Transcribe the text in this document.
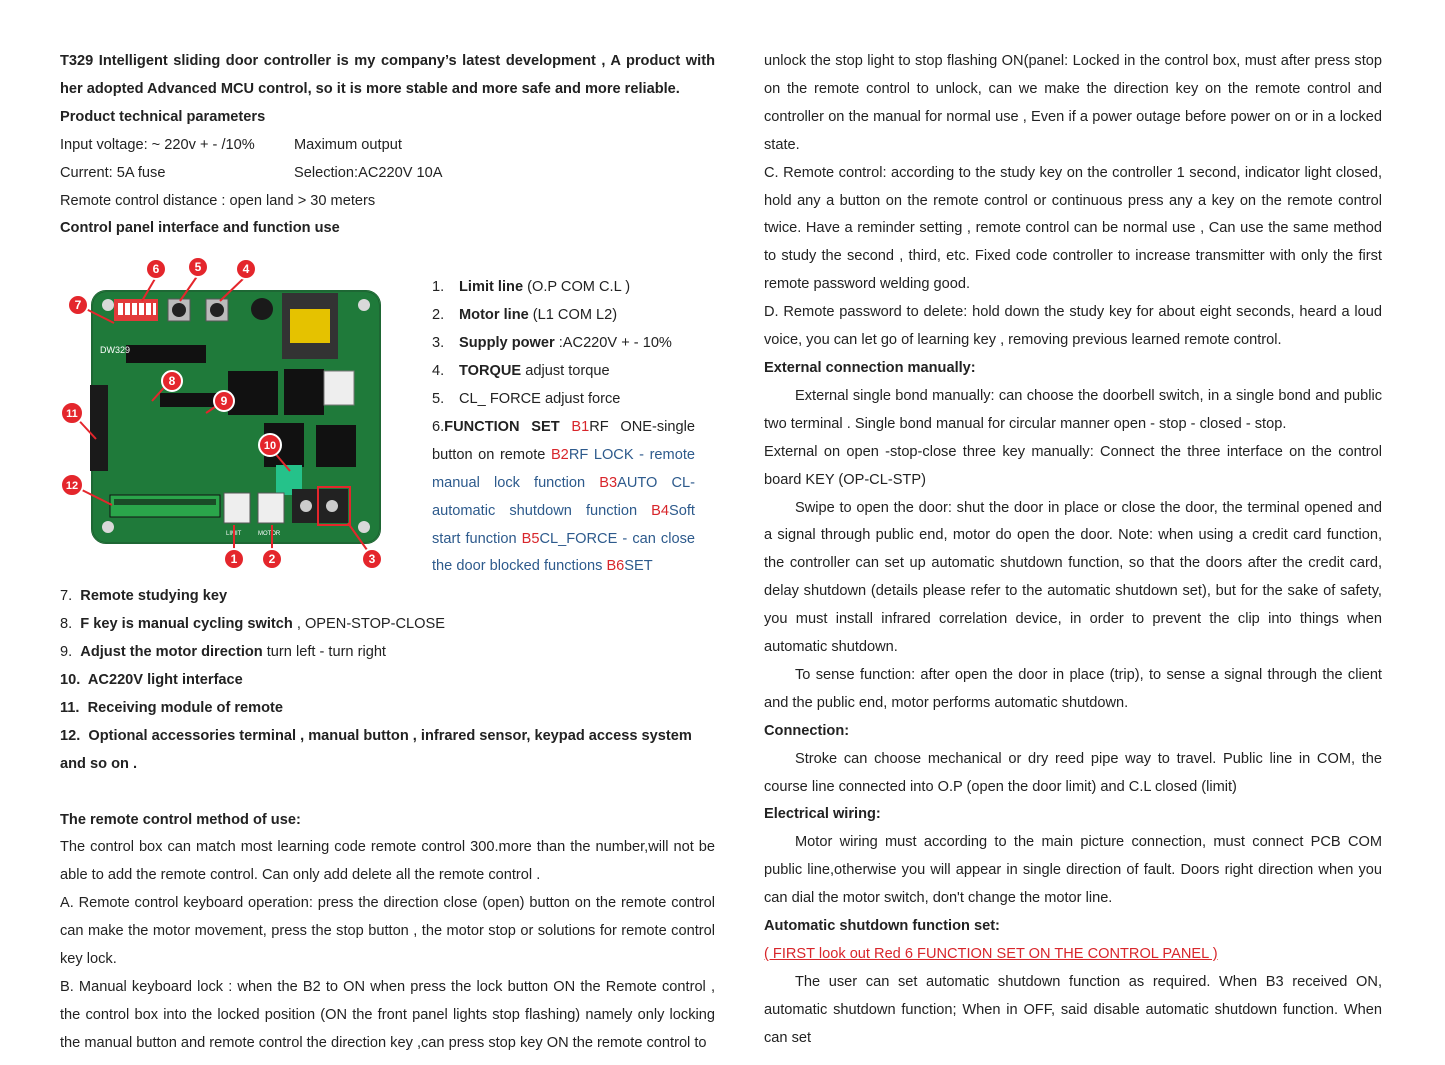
T329 Intelligent sliding door controller is my company’s latest development , A product with her adopted Advanced MCU control, so it is more stable and more safe and more reliable.

Product technical parameters

Input voltage: ~ 220v + - /10%	Maximum output

Current: 5A fuse	Selection:AC220V 10A

Remote control distance : open land > 30 meters

Control panel interface and function use

DW329
LIMIT	MOTOR
6	5	4
7
8
9
10
11
12
1	2	3

1. Limit line (O.P COM C.L )

2. Motor line (L1 COM L2)

3. Supply power :AC220V + - 10%

4. TORQUE adjust torque

5. CL_ FORCE adjust force

6.FUNCTION SET B1RF ONE-single button on remote B2RF LOCK - remote manual lock function B3AUTO CL- automatic shutdown function B4Soft start function B5CL_FORCE - can close the door blocked functions B6SET

7. Remote studying key

8. F key is manual cycling switch , OPEN-STOP-CLOSE

9. Adjust the motor direction turn left - turn right

10. AC220V light interface

11. Receiving module of remote

12. Optional accessories terminal , manual button , infrared sensor, keypad access system and so on .

The remote control method of use:

The control box can match most learning code remote control 300.more than the number,will not be able to add the remote control. Can only add delete all the remote control .

A. Remote control keyboard operation: press the direction close (open) button on the remote control can make the motor movement, press the stop button , the motor stop or solutions for remote control key lock.

B. Manual keyboard lock : when the B2 to ON when press the lock button ON the Remote control , the control box into the locked position (ON the front panel lights stop flashing) namely only locking the manual button and remote control the direction key ,can press stop key ON the remote control to

unlock the stop light to stop flashing ON(panel: Locked in the control box, must after press stop on the remote control to unlock, can we make the direction key on the remote control and controller on the manual for normal use , Even if a power outage before power on or in a locked state.

C. Remote control: according to the study key on the controller 1 second, indicator light closed, hold any a button on the remote control or continuous press any a key on the remote control twice. Have a reminder setting , remote control can be normal use , Can use the same method to study the second , third, etc. Fixed code controller to increase transmitter with only the first remote password welding good.

D. Remote password to delete: hold down the study key for about eight seconds, heard a loud voice, you can let go of learning key , removing previous learned remote control.

External connection manually:

External single bond manually: can choose the doorbell switch, in a single bond and public two terminal . Single bond manual for circular manner open - stop - closed - stop.

External on open -stop-close three key manually: Connect the three interface on the control board KEY (OP-CL-STP)

Swipe to open the door: shut the door in place or close the door, the terminal opened and a signal through public end, motor do open the door. Note: when using a credit card function, the controller can set up automatic shutdown function, so that the doors after the credit card, delay shutdown (details please refer to the automatic shutdown set), but for the sake of safety, you must install infrared correlation device, in order to prevent the clip into things when automatic shutdown.

To sense function: after open the door in place (trip), to sense a signal through the client and the public end, motor performs automatic shutdown.

Connection:

Stroke can choose mechanical or dry reed pipe way to travel. Public line in COM, the course line connected into O.P (open the door limit) and C.L closed (limit)

Electrical wiring:

Motor wiring must according to the main picture connection, must connect PCB COM public line,otherwise you will appear in single direction of fault. Doors right direction when you can dial the motor switch, don't change the motor line.

Automatic shutdown function set:

( FIRST look out Red 6 FUNCTION SET ON THE CONTROL PANEL )

The user can set automatic shutdown function as required. When B3 received ON, automatic shutdown function; When in OFF, said disable automatic shutdown function. When can set
